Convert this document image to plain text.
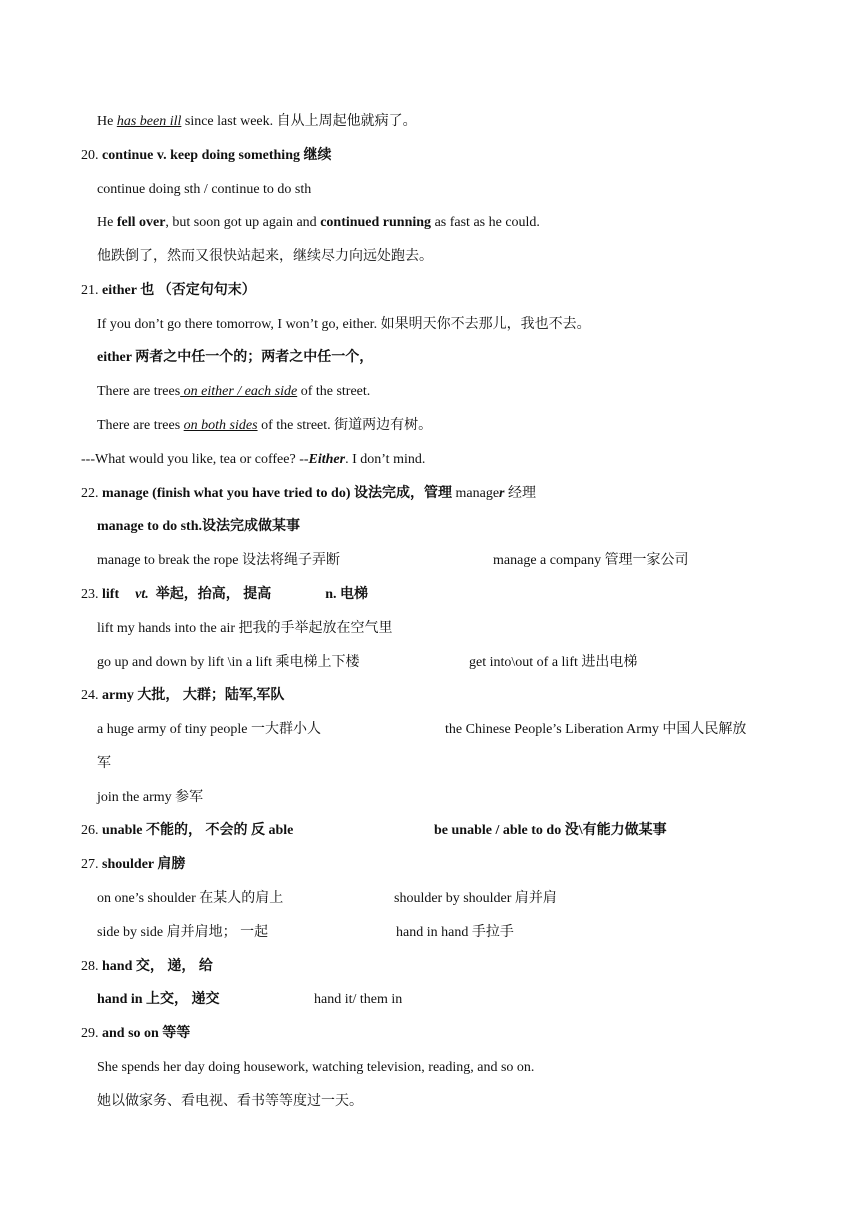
He has been ill since last week. 自从上周起他就病了。
20. continue v. keep doing something 继续
continue doing sth / continue to do sth
He fell over, but soon got up again and continued running as fast as he could.
他跌倒了，然而又很快站起来，继续尽力向远处跑去。
21. either 也 （否定句句末）
If you don’t go there tomorrow, I won’t go, either. 如果明天你不去那儿，我也不去。
either 两者之中任一个的；两者之中任一个，
There are trees on either / each side of the street.
There are trees on both sides of the street. 街道两边有树。
---What would you like, tea or coffee? --Either. I don’t mind.
22. manage (finish what you have tried to do) 设法完成，管理 manager 经理
manage to do sth.设法完成做某事
manage to break the rope 设法将绳子弄断	manage a company 管理一家公司
23. lift vt. 举起，抬高， 提高	n. 电梯
lift my hands into the air 把我的手举起放在空气里
go up and down by lift \in a lift 乘电梯上下楼	get into\out of a lift 进出电梯
24. army 大批， 大群；陆军,军队
a huge army of tiny people 一大群小人	the Chinese People’s Liberation Army 中国人民解放
军
join the army 参军
26. unable 不能的， 不会的 反 able	be unable / able to do 没\有能力做某事
27. shoulder 肩膀
on one’s shoulder 在某人的肩上	shoulder by shoulder 肩并肩
side by side 肩并肩地； 一起	hand in hand 手拉手
28. hand 交， 递， 给
hand in 上交， 递交	hand it/ them in
29. and so on 等等
She spends her day doing housework, watching television, reading, and so on.
她以做家务、看电视、看书等等度过一天。
